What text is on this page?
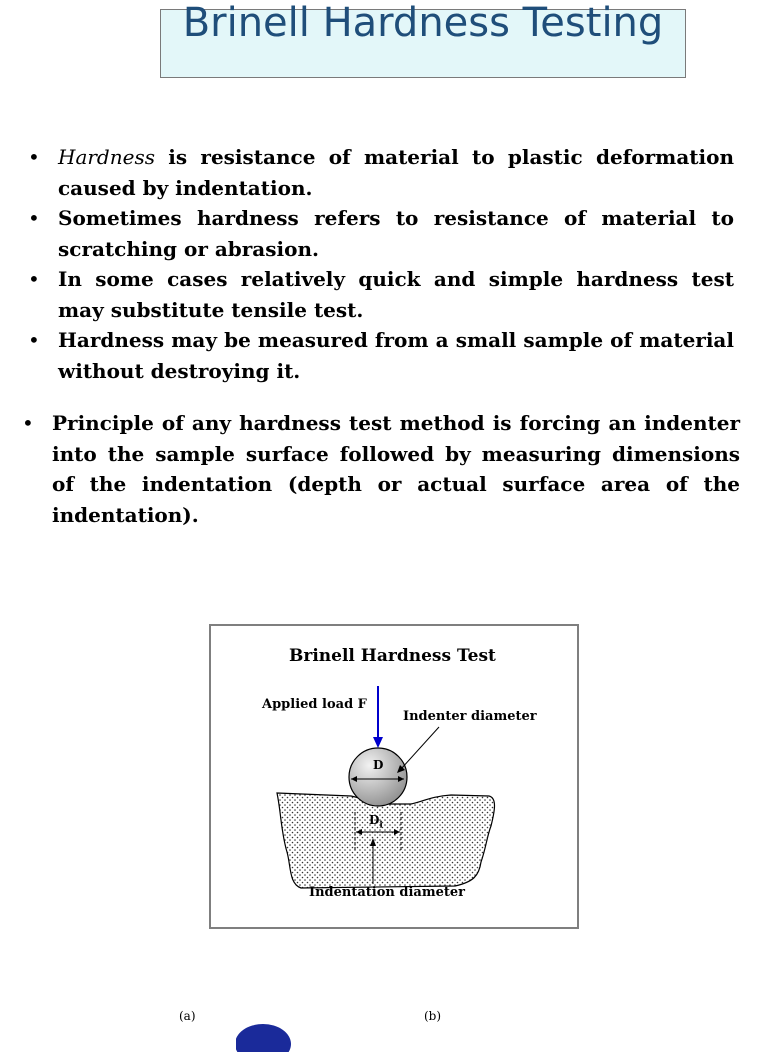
Brinell Hardness Testing
• Hardness is resistance of material to plastic deformation caused by indentation.
• Sometimes hardness refers to resistance of material to scratching or abrasion.
• In some cases relatively quick and simple hardness test may substitute tensile test.
• Hardness may be measured from a small sample of material without destroying it.
• Principle of any hardness test method is forcing an indenter into the sample surface followed by measuring dimensions of the indentation (depth or actual surface area of the indentation).
Brinell Hardness Test
Applied load F
Indenter diameter
D
$D_i$
Indentation diameter
(a)	(b)
